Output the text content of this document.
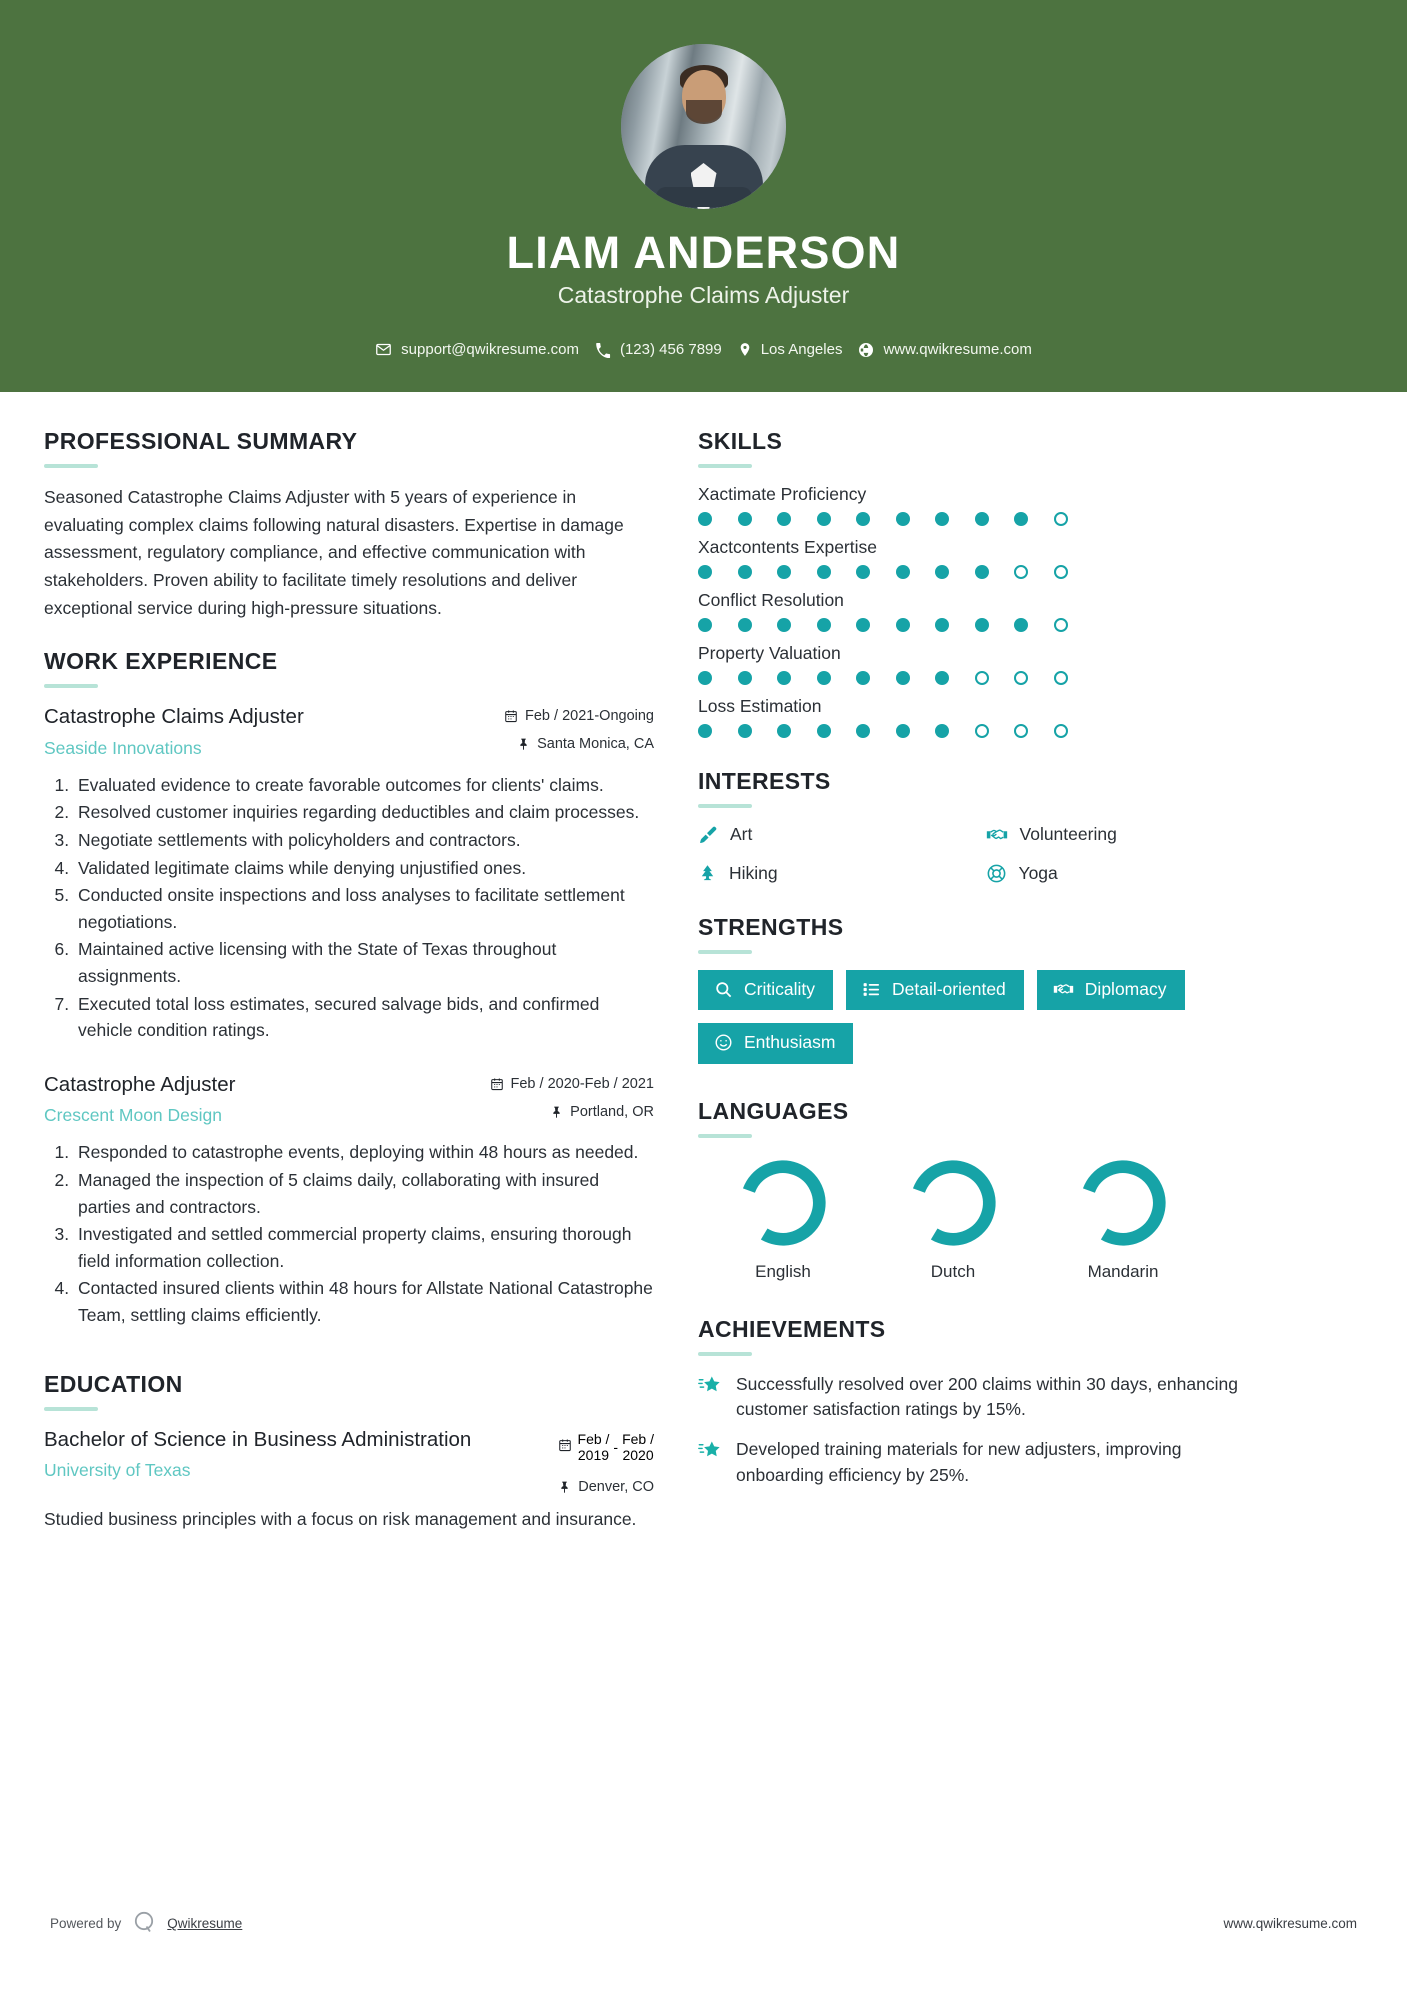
LIAM ANDERSON
Catastrophe Claims Adjuster
support@qwikresume.com	(123) 456 7899	Los Angeles	www.qwikresume.com
PROFESSIONAL SUMMARY
Seasoned Catastrophe Claims Adjuster with 5 years of experience in evaluating complex claims following natural disasters. Expertise in damage assessment, regulatory compliance, and effective communication with stakeholders. Proven ability to facilitate timely resolutions and deliver exceptional service during high-pressure situations.
WORK EXPERIENCE
Catastrophe Claims Adjuster
Seaside Innovations
Feb / 2021-Ongoing
Santa Monica, CA
1. Evaluated evidence to create favorable outcomes for clients' claims.
2. Resolved customer inquiries regarding deductibles and claim processes.
3. Negotiate settlements with policyholders and contractors.
4. Validated legitimate claims while denying unjustified ones.
5. Conducted onsite inspections and loss analyses to facilitate settlement negotiations.
6. Maintained active licensing with the State of Texas throughout assignments.
7. Executed total loss estimates, secured salvage bids, and confirmed vehicle condition ratings.
Catastrophe Adjuster
Crescent Moon Design
Feb / 2020-Feb / 2021
Portland, OR
1. Responded to catastrophe events, deploying within 48 hours as needed.
2. Managed the inspection of 5 claims daily, collaborating with insured parties and contractors.
3. Investigated and settled commercial property claims, ensuring thorough field information collection.
4. Contacted insured clients within 48 hours for Allstate National Catastrophe Team, settling claims efficiently.
EDUCATION
Bachelor of Science in Business Administration
University of Texas
Feb /
2019
-
Feb /
2020
Denver, CO
Studied business principles with a focus on risk management and insurance.
SKILLS
Xactimate Proficiency
Xactcontents Expertise
Conflict Resolution
Property Valuation
Loss Estimation
INTERESTS
Art	Volunteering
Hiking	Yoga
STRENGTHS
Criticality	Detail-oriented	Diplomacy
Enthusiasm
LANGUAGES
English	Dutch	Mandarin
ACHIEVEMENTS
Successfully resolved over 200 claims within 30 days, enhancing customer satisfaction ratings by 15%.
Developed training materials for new adjusters, improving onboarding efficiency by 25%.
Powered by	Qwikresume	www.qwikresume.com
